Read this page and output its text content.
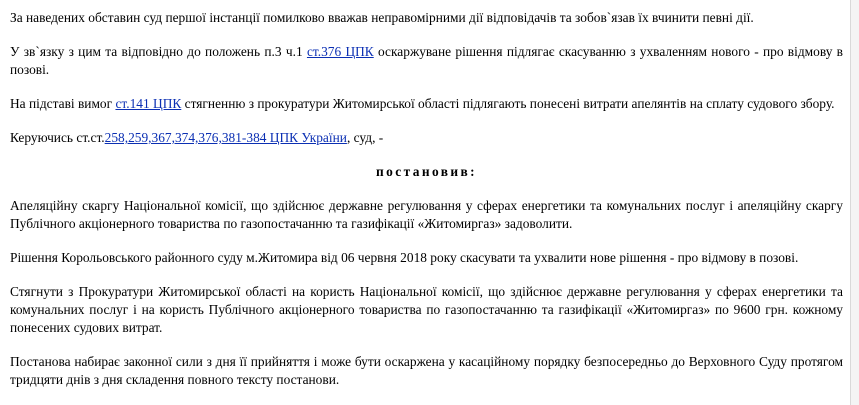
За наведених обставин суд першої інстанції помилково вважав неправомірними дії відповідачів та зобов`язав їх вчинити певні дії.

У зв`язку з цим та відповідно до положень п.3 ч.1 ст.376 ЦПК оскаржуване рішення підлягає скасуванню з ухваленням нового - про відмову в позові.

На підставі вимог ст.141 ЦПК стягненню з прокуратури Житомирської області підлягають понесені витрати апелянтів на сплату судового збору.

Керуючись ст.ст.258,259,367,374,376,381-384 ЦПК України, суд, -

постановив:

Апеляційну скаргу Національної комісії, що здійснює державне регулювання у сферах енергетики та комунальних послуг і апеляційну скаргу Публічного акціонерного товариства по газопостачанню та газифікації «Житомиргаз» задоволити.

Рішення Корольовського районного суду м.Житомира від 06 червня 2018 року скасувати та ухвалити нове рішення - про відмову в позові.

Стягнути з Прокуратури Житомирської області на користь Національної комісії, що здійснює державне регулювання у сферах енергетики та комунальних послуг і на користь Публічного акціонерного товариства по газопостачанню та газифікації «Житомиргаз» по 9600 грн. кожному понесених судових витрат.

Постанова набирає законної сили з дня її прийняття і може бути оскаржена у касаційному порядку безпосередньо до Верховного Суду протягом тридцяти днів з дня складення повного тексту постанови.
